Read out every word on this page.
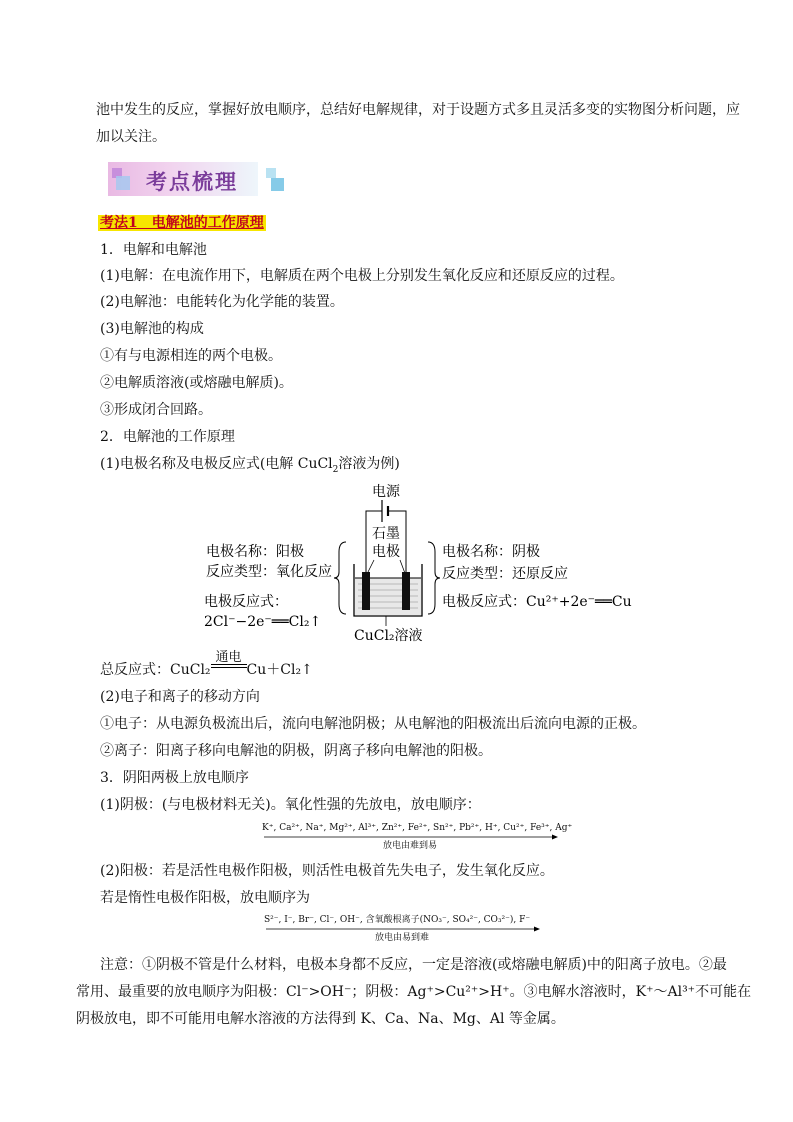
池中发生的反应，掌握好放电顺序，总结好电解规律，对于设题方式多且灵活多变的实物图分析问题，应
加以关注。
考点梳理
考法1　电解池的工作原理
1．电解和电解池
(1)电解：在电流作用下，电解质在两个电极上分别发生氧化反应和还原反应的过程。
(2)电解池：电能转化为化学能的装置。
(3)电解池的构成
①有与电源相连的两个电极。
②电解质溶液(或熔融电解质)。
③形成闭合回路。
2．电解池的工作原理
(1)电极名称及电极反应式(电解 CuCl$_2$溶液为例)
电源
石墨
电极
电极名称：阳极
反应类型：氧化反应
电极反应式：
2Cl⁻−2e⁻══Cl₂↑
电极名称：阴极
反应类型：还原反应
电极反应式：Cu²⁺+2e⁻══Cu
CuCl₂溶液
总反应式：CuCl₂
通电
Cu＋Cl₂↑
(2)电子和离子的移动方向
①电子：从电源负极流出后，流向电解池阴极；从电解池的阳极流出后流向电源的正极。
②离子：阳离子移向电解池的阴极，阴离子移向电解池的阳极。
3．阴阳两极上放电顺序
(1)阴极：(与电极材料无关)。氧化性强的先放电，放电顺序：
K⁺, Ca²⁺, Na⁺, Mg²⁺, Al³⁺, Zn²⁺, Fe²⁺, Sn²⁺, Pb²⁺, H⁺, Cu²⁺, Fe³⁺, Ag⁺
放电由难到易
(2)阳极：若是活性电极作阳极，则活性电极首先失电子，发生氧化反应。
若是惰性电极作阳极，放电顺序为
S²⁻, I⁻, Br⁻, Cl⁻, OH⁻, 含氧酸根离子(NO₃⁻, SO₄²⁻, CO₃²⁻), F⁻
放电由易到难
注意：①阴极不管是什么材料，电极本身都不反应，一定是溶液(或熔融电解质)中的阳离子放电。②最
常用、最重要的放电顺序为阳极：Cl⁻>OH⁻；阴极：Ag⁺>Cu²⁺>H⁺。③电解水溶液时，K⁺～Al³⁺不可能在
阴极放电，即不可能用电解水溶液的方法得到 K、Ca、Na、Mg、Al 等金属。
